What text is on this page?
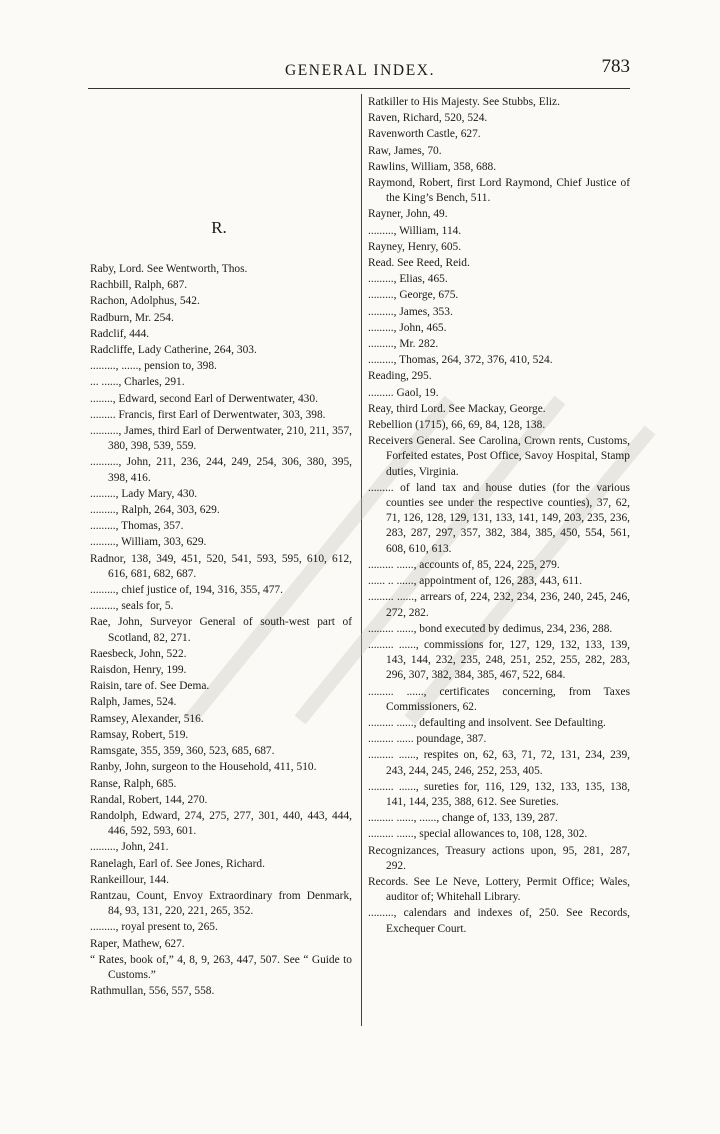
GENERAL INDEX.	783
R.

Raby, Lord. See Wentworth, Thos.

Rachbill, Ralph, 687.

Rachon, Adolphus, 542.

Radburn, Mr. 254.

Radclif, 444.

Radcliffe, Lady Catherine, 264, 303.

........., ......, pension to, 398.

... ......, Charles, 291.

........, Edward, second Earl of Derwentwater, 430.

......... Francis, first Earl of Derwentwater, 303, 398.

.........., James, third Earl of Derwentwater, 210, 211, 357, 380, 398, 539, 559.

.........., John, 211, 236, 244, 249, 254, 306, 380, 395, 398, 416.

........., Lady Mary, 430.

........., Ralph, 264, 303, 629.

........., Thomas, 357.

........., William, 303, 629.

Radnor, 138, 349, 451, 520, 541, 593, 595, 610, 612, 616, 681, 682, 687.

........., chief justice of, 194, 316, 355, 477.

........., seals for, 5.

Rae, John, Surveyor General of south-west part of Scotland, 82, 271.

Raesbeck, John, 522.

Raisdon, Henry, 199.

Raisin, tare of. See Dema.

Ralph, James, 524.

Ramsey, Alexander, 516.

Ramsay, Robert, 519.

Ramsgate, 355, 359, 360, 523, 685, 687.

Ranby, John, surgeon to the Household, 411, 510.

Ranse, Ralph, 685.

Randal, Robert, 144, 270.

Randolph, Edward, 274, 275, 277, 301, 440, 443, 444, 446, 592, 593, 601.

........., John, 241.

Ranelagh, Earl of. See Jones, Richard.

Rankeillour, 144.

Rantzau, Count, Envoy Extraordinary from Denmark, 84, 93, 131, 220, 221, 265, 352.

........., royal present to, 265.

Raper, Mathew, 627.

“ Rates, book of,” 4, 8, 9, 263, 447, 507. See “ Guide to Customs.”

Rathmullan, 556, 557, 558.

Ratkiller to His Majesty. See Stubbs, Eliz.

Raven, Richard, 520, 524.

Ravenworth Castle, 627.

Raw, James, 70.

Rawlins, William, 358, 688.

Raymond, Robert, first Lord Raymond, Chief Justice of the King’s Bench, 511.

Rayner, John, 49.

........., William, 114.

Rayney, Henry, 605.

Read. See Reed, Reid.

........., Elias, 465.

........., George, 675.

........., James, 353.

........., John, 465.

........., Mr. 282.

........., Thomas, 264, 372, 376, 410, 524.

Reading, 295.

......... Gaol, 19.

Reay, third Lord. See Mackay, George.

Rebellion (1715), 66, 69, 84, 128, 138.

Receivers General. See Carolina, Crown rents, Customs, Forfeited estates, Post Office, Savoy Hospital, Stamp duties, Virginia.

......... of land tax and house duties (for the various counties see under the respective counties), 37, 62, 71, 126, 128, 129, 131, 133, 141, 149, 203, 235, 236, 283, 287, 297, 357, 382, 384, 385, 450, 554, 561, 608, 610, 613.

......... ......, accounts of, 85, 224, 225, 279.

...... .. ......, appointment of, 126, 283, 443, 611.

......... ......, arrears of, 224, 232, 234, 236, 240, 245, 246, 272, 282.

......... ......, bond executed by dedimus, 234, 236, 288.

......... ......, commissions for, 127, 129, 132, 133, 139, 143, 144, 232, 235, 248, 251, 252, 255, 282, 283, 296, 307, 382, 384, 385, 467, 522, 684.

......... ......, certificates concerning, from Taxes Commissioners, 62.

......... ......, defaulting and insolvent. See Defaulting.

......... ...... poundage, 387.

......... ......, respites on, 62, 63, 71, 72, 131, 234, 239, 243, 244, 245, 246, 252, 253, 405.

......... ......, sureties for, 116, 129, 132, 133, 135, 138, 141, 144, 235, 388, 612. See Sureties.

......... ......, ......, change of, 133, 139, 287.

......... ......, special allowances to, 108, 128, 302.

Recognizances, Treasury actions upon, 95, 281, 287, 292.

Records. See Le Neve, Lottery, Permit Office; Wales, auditor of; Whitehall Library.

........., calendars and indexes of, 250. See Records, Exchequer Court.
